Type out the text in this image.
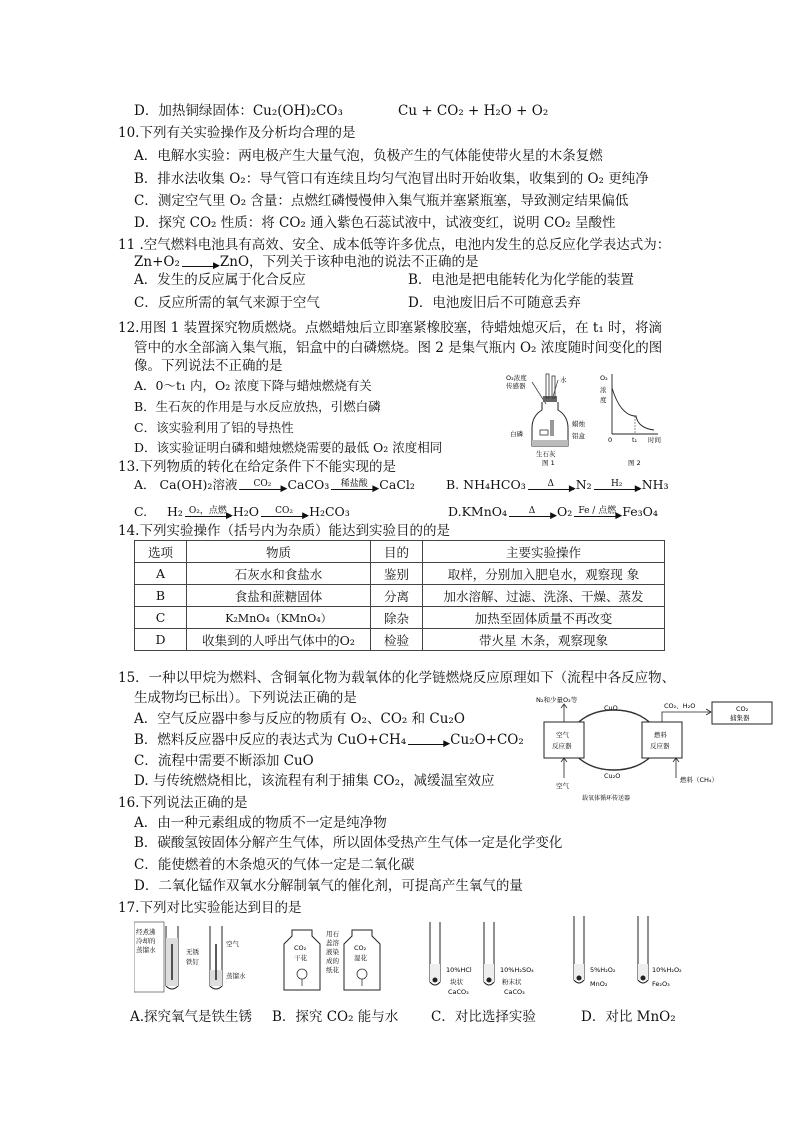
D．加热铜绿固体：Cu₂(OH)₂CO₃	Cu + CO₂ + H₂O + O₂
10.下列有关实验操作及分析均合理的是
A．电解水实验：两电极产生大量气泡，负极产生的气体能使带火星的木条复燃
B．排水法收集 O₂：导气管口有连续且均匀气泡冒出时开始收集，收集到的 O₂ 更纯净
C．测定空气里 O₂ 含量：点燃红磷慢慢伸入集气瓶并塞紧瓶塞，导致测定结果偏低
D．探究 CO₂ 性质：将 CO₂ 通入紫色石蕊试液中，试液变红，说明 CO₂ 呈酸性
11 .空气燃料电池具有高效、安全、成本低等许多优点，电池内发生的总反应化学表达式为：
Zn+O₂	▶ ZnO，下列关于该种电池的说法不正确的是
A．发生的反应属于化合反应	B．电池是把电能转化为化学能的装置
C．反应所需的氧气来源于空气	D．电池废旧后不可随意丢弃
12.用图 1 装置探究物质燃烧。点燃蜡烛后立即塞紧橡胶塞，待蜡烛熄灭后，在 t₁ 时，将滴
管中的水全部滴入集气瓶，铝盒中的白磷燃烧。图 2 是集气瓶内 O₂ 浓度随时间变化的图
像。下列说法不正确的是
A．0～t₁ 内，O₂ 浓度下降与蜡烛燃烧有关
B．生石灰的作用是与水反应放热，引燃白磷
C．该实验利用了铝的导热性
D．该实验证明白磷和蜡烛燃烧需要的最低 O₂ 浓度相同
O₂浓度
传感器
水
蜡烛
铝盒
白磷
生石灰
图 1
O₂
浓
度
0	t₁ 时间
图 2
13.下列物质的转化在给定条件下不能实现的是
A． Ca(OH)₂溶液	CO₂	▶ CaCO₃	稀盐酸 ▶ CaCl₂ B. NH₄HCO₃	Δ	▶ N₂	H₂	▶ NH₃
C. H₂ O₂，点燃 ▶ H₂O	CO₂	▶ H₂CO₃	D.KMnO₄	Δ	▶ O₂ Fe / 点燃 ▶ Fe₃O₄
14.下列实验操作（括号内为杂质）能达到实验目的的是
选项	物质	目的	主要实验操作
A	石灰水和食盐水	鉴别	取样，分别加入肥皂水，观察现 象
B	食盐和蔗糖固体	分离	加水溶解、过滤、洗涤、干燥、蒸发
C	K₂MnO₄（KMnO₄）	除杂	加热至固体质量不再改变
D	收集到的人呼出气体中的O₂	检验	带火星 木条，观察现象
15．一种以甲烷为燃料、含铜氧化物为载氧体的化学链燃烧反应原理如下（流程中各反应物、
生成物均已标出）。下列说法正确的是
A．空气反应器中参与反应的物质有 O₂、CO₂ 和 Cu₂O
B．燃料反应器中反应的表达式为 CuO+CH₄	▶ Cu₂O+CO₂
C．流程中需要不断添加 CuO
D. 与传统燃烧相比，该流程有利于捕集 CO₂，减缓温室效应
N₂和少量O₂等
CuO
Cu₂O
空气
反应器
燃料
反应器
CO₂、H₂O	CO₂
捕集器
空气
燃料（CH₄）
载氧体循环传送器
16.下列说法正确的是
A．由一种元素组成的物质不一定是纯净物
B．碳酸氢铵固体分解产生气体，所以固体受热产生气体一定是化学变化
C．能使燃着的木条熄灭的气体一定是二氧化碳
D．二氧化锰作双氧水分解制氧气的催化剂，可提高产生氧气的量
17.下列对比实验能达到目的是
经煮沸
冷却的
蒸馏水	无锈
铁钉
空气
蒸馏水
CO₂
干花
用石
蕊溶
液染
成的
纸花
CO₂
湿花
10%HCl
块状
CaCO₃
10%H₂SO₄
粉末状
CaCO₃
5%H₂O₂
MnO₂
10%H₂O₂
Fe₂O₃
A.探究氧气是铁生锈 B．探究 CO₂ 能与水 C．对比选择实验	D．对比 MnO₂
